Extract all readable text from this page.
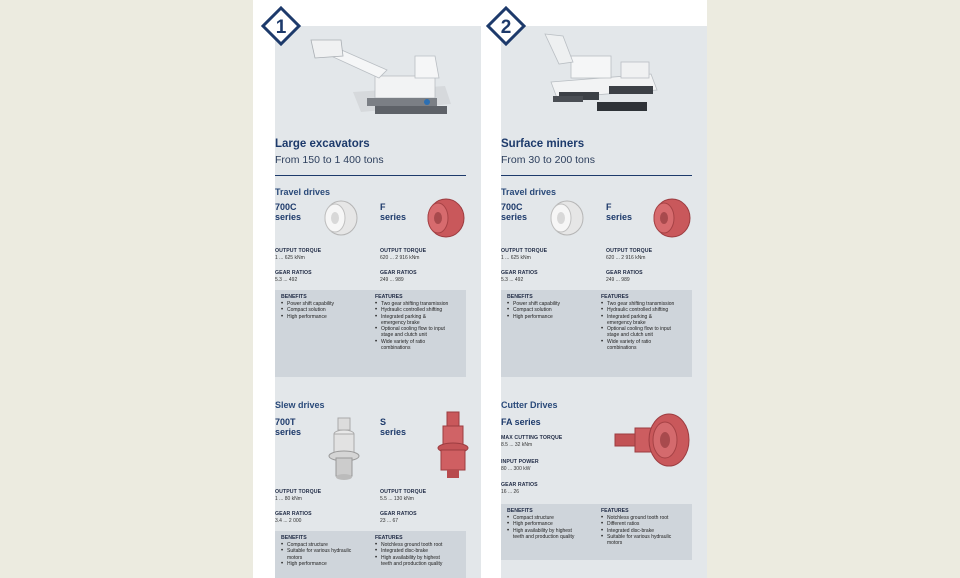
1
Large excavators
From 150 to 1 400 tons
Travel drives
700C
series
F
series
OUTPUT TORQUE
1 ... 625 kNm
GEAR RATIOS
5.3 ... 492
OUTPUT TORQUE
620 ... 2 916 kNm
GEAR RATIOS
249 ... 989
BENEFITS
• Power shift capability
• Compact solution
• High performance
FEATURES
• Two gear shifting transmission
• Hydraulic controlled shifting
• Integrated parking &
emergency brake
• Optional cooling flow to input
stage and clutch unit
• Wide variety of ratio
combinations
Slew drives
700T
series
S
series
OUTPUT TORQUE
1 ... 80 kNm
GEAR RATIOS
3.4 ... 2 000
OUTPUT TORQUE
5.5 ... 130 kNm
GEAR RATIOS
23 ... 67
BENEFITS
• Compact structure
• Suitable for various hydraulic
motors
• High performance
FEATURES
• Notchless ground tooth root
• Integrated disc-brake
• High availability by highest
teeth and production quality
2
Surface miners
From 30 to 200 tons
Travel drives
700C
series
F
series
OUTPUT TORQUE
1 ... 625 kNm
GEAR RATIOS
5.3 ... 492
OUTPUT TORQUE
620 ... 2 916 kNm
GEAR RATIOS
249 ... 989
BENEFITS
• Power shift capability
• Compact solution
• High performance
FEATURES
• Two gear shifting transmission
• Hydraulic controlled shifting
• Integrated parking &
emergency brake
• Optional cooling flow to input
stage and clutch unit
• Wide variety of ratio
combinations
Cutter Drives
FA series
MAX CUTTING TORQUE
8.5 ... 32 kNm
INPUT POWER
80 ... 300 kW
GEAR RATIOS
16 ... 26
BENEFITS
• Compact structure
• High performance
• High availability by highest
teeth and production quality
FEATURES
• Notchless ground tooth root
• Different ratios
• Integrated disc-brake
• Suitable for various hydraulic
motors
